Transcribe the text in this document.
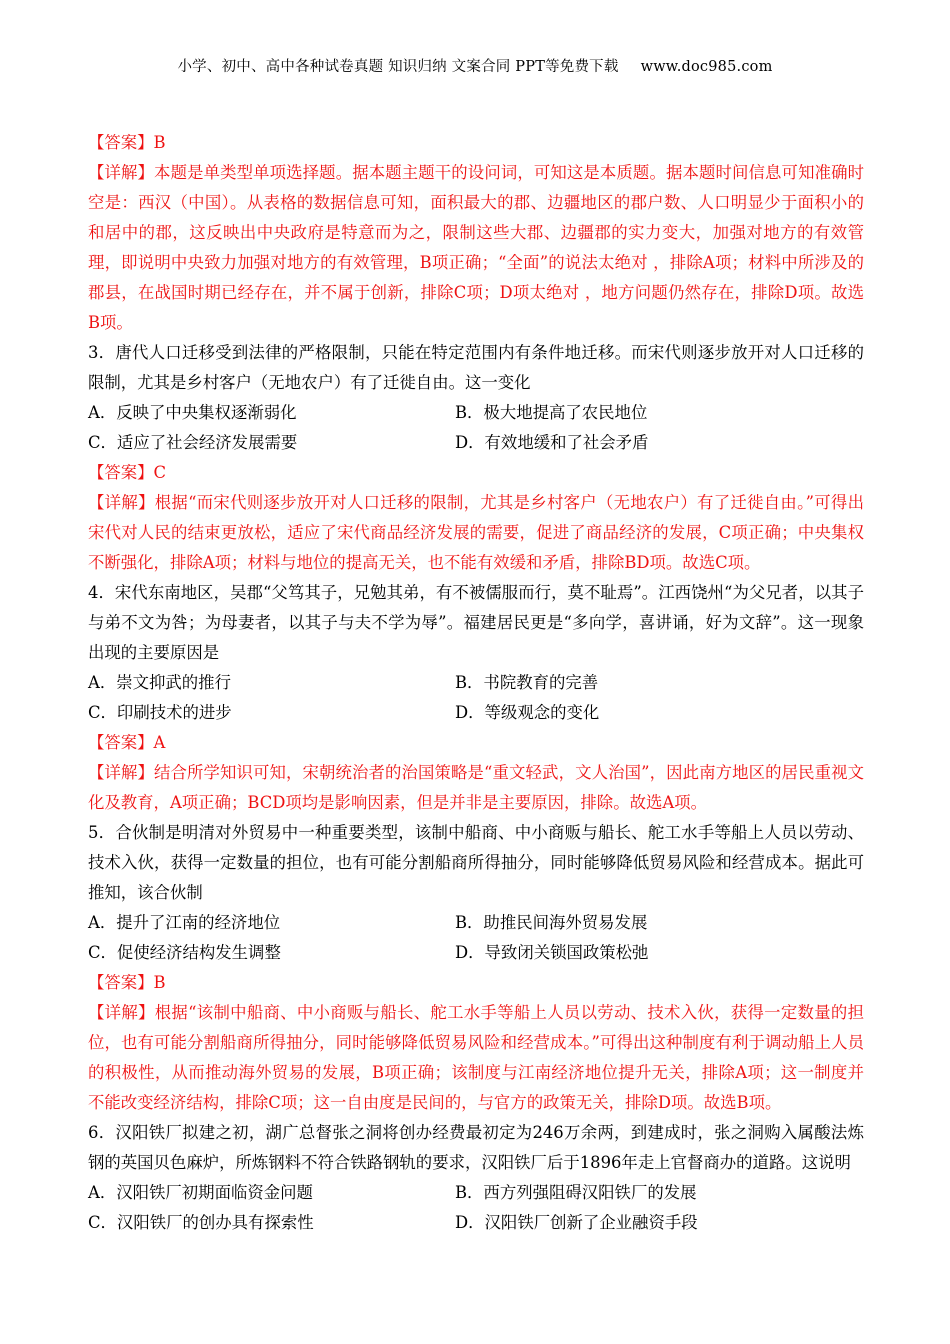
小学、初中、高中各种试卷真题 知识归纳 文案合同 PPT等免费下载 www.doc985.com
【答案】B
【详解】本题是单类型单项选择题。据本题主题干的设问词，可知这是本质题。据本题时间信息可知准确时空是：西汉（中国）。从表格的数据信息可知，面积最大的郡、边疆地区的郡户数、人口明显少于面积小的和居中的郡，这反映出中央政府是特意而为之，限制这些大郡、边疆郡的实力变大，加强对地方的有效管理，即说明中央致力加强对地方的有效管理，B项正确；“全面”的说法太绝对 ，排除A项；材料中所涉及的郡县，在战国时期已经存在，并不属于创新，排除C项；D项太绝对 ，地方问题仍然存在，排除D项。故选B项。
3．唐代人口迁移受到法律的严格限制，只能在特定范围内有条件地迁移。而宋代则逐步放开对人口迁移的限制，尤其是乡村客户（无地农户）有了迁徙自由。这一变化
A．反映了中央集权逐渐弱化	B．极大地提高了农民地位
C．适应了社会经济发展需要	D．有效地缓和了社会矛盾
【答案】C
【详解】根据“而宋代则逐步放开对人口迁移的限制，尤其是乡村客户（无地农户）有了迁徙自由。”可得出宋代对人民的结束更放松，适应了宋代商品经济发展的需要，促进了商品经济的发展，C项正确；中央集权不断强化，排除A项；材料与地位的提高无关，也不能有效缓和矛盾，排除BD项。故选C项。
4．宋代东南地区，吴郡“父笃其子，兄勉其弟，有不被儒服而行，莫不耻焉”。江西饶州“为父兄者，以其子与弟不文为咎；为母妻者，以其子与夫不学为辱”。福建居民更是“多向学，喜讲诵，好为文辞”。这一现象出现的主要原因是
A．崇文抑武的推行	B．书院教育的完善
C．印刷技术的进步	D．等级观念的变化
【答案】A
【详解】结合所学知识可知，宋朝统治者的治国策略是“重文轻武，文人治国”，因此南方地区的居民重视文化及教育，A项正确；BCD项均是影响因素，但是并非是主要原因，排除。故选A项。
5．合伙制是明清对外贸易中一种重要类型，该制中船商、中小商贩与船长、舵工水手等船上人员以劳动、技术入伙，获得一定数量的担位，也有可能分割船商所得抽分，同时能够降低贸易风险和经营成本。据此可推知，该合伙制
A．提升了江南的经济地位	B．助推民间海外贸易发展
C．促使经济结构发生调整	D．导致闭关锁国政策松弛
【答案】B
【详解】根据“该制中船商、中小商贩与船长、舵工水手等船上人员以劳动、技术入伙，获得一定数量的担位，也有可能分割船商所得抽分，同时能够降低贸易风险和经营成本。”可得出这种制度有利于调动船上人员的积极性，从而推动海外贸易的发展，B项正确；该制度与江南经济地位提升无关，排除A项；这一制度并不能改变经济结构，排除C项；这一自由度是民间的，与官方的政策无关，排除D项。故选B项。
6．汉阳铁厂拟建之初，湖广总督张之洞将创办经费最初定为246万余两，到建成时，张之洞购入属酸法炼钢的英国贝色麻炉，所炼钢料不符合铁路钢轨的要求，汉阳铁厂后于1896年走上官督商办的道路。这说明
A．汉阳铁厂初期面临资金问题	B．西方列强阻碍汉阳铁厂的发展
C．汉阳铁厂的创办具有探索性	D．汉阳铁厂创新了企业融资手段
